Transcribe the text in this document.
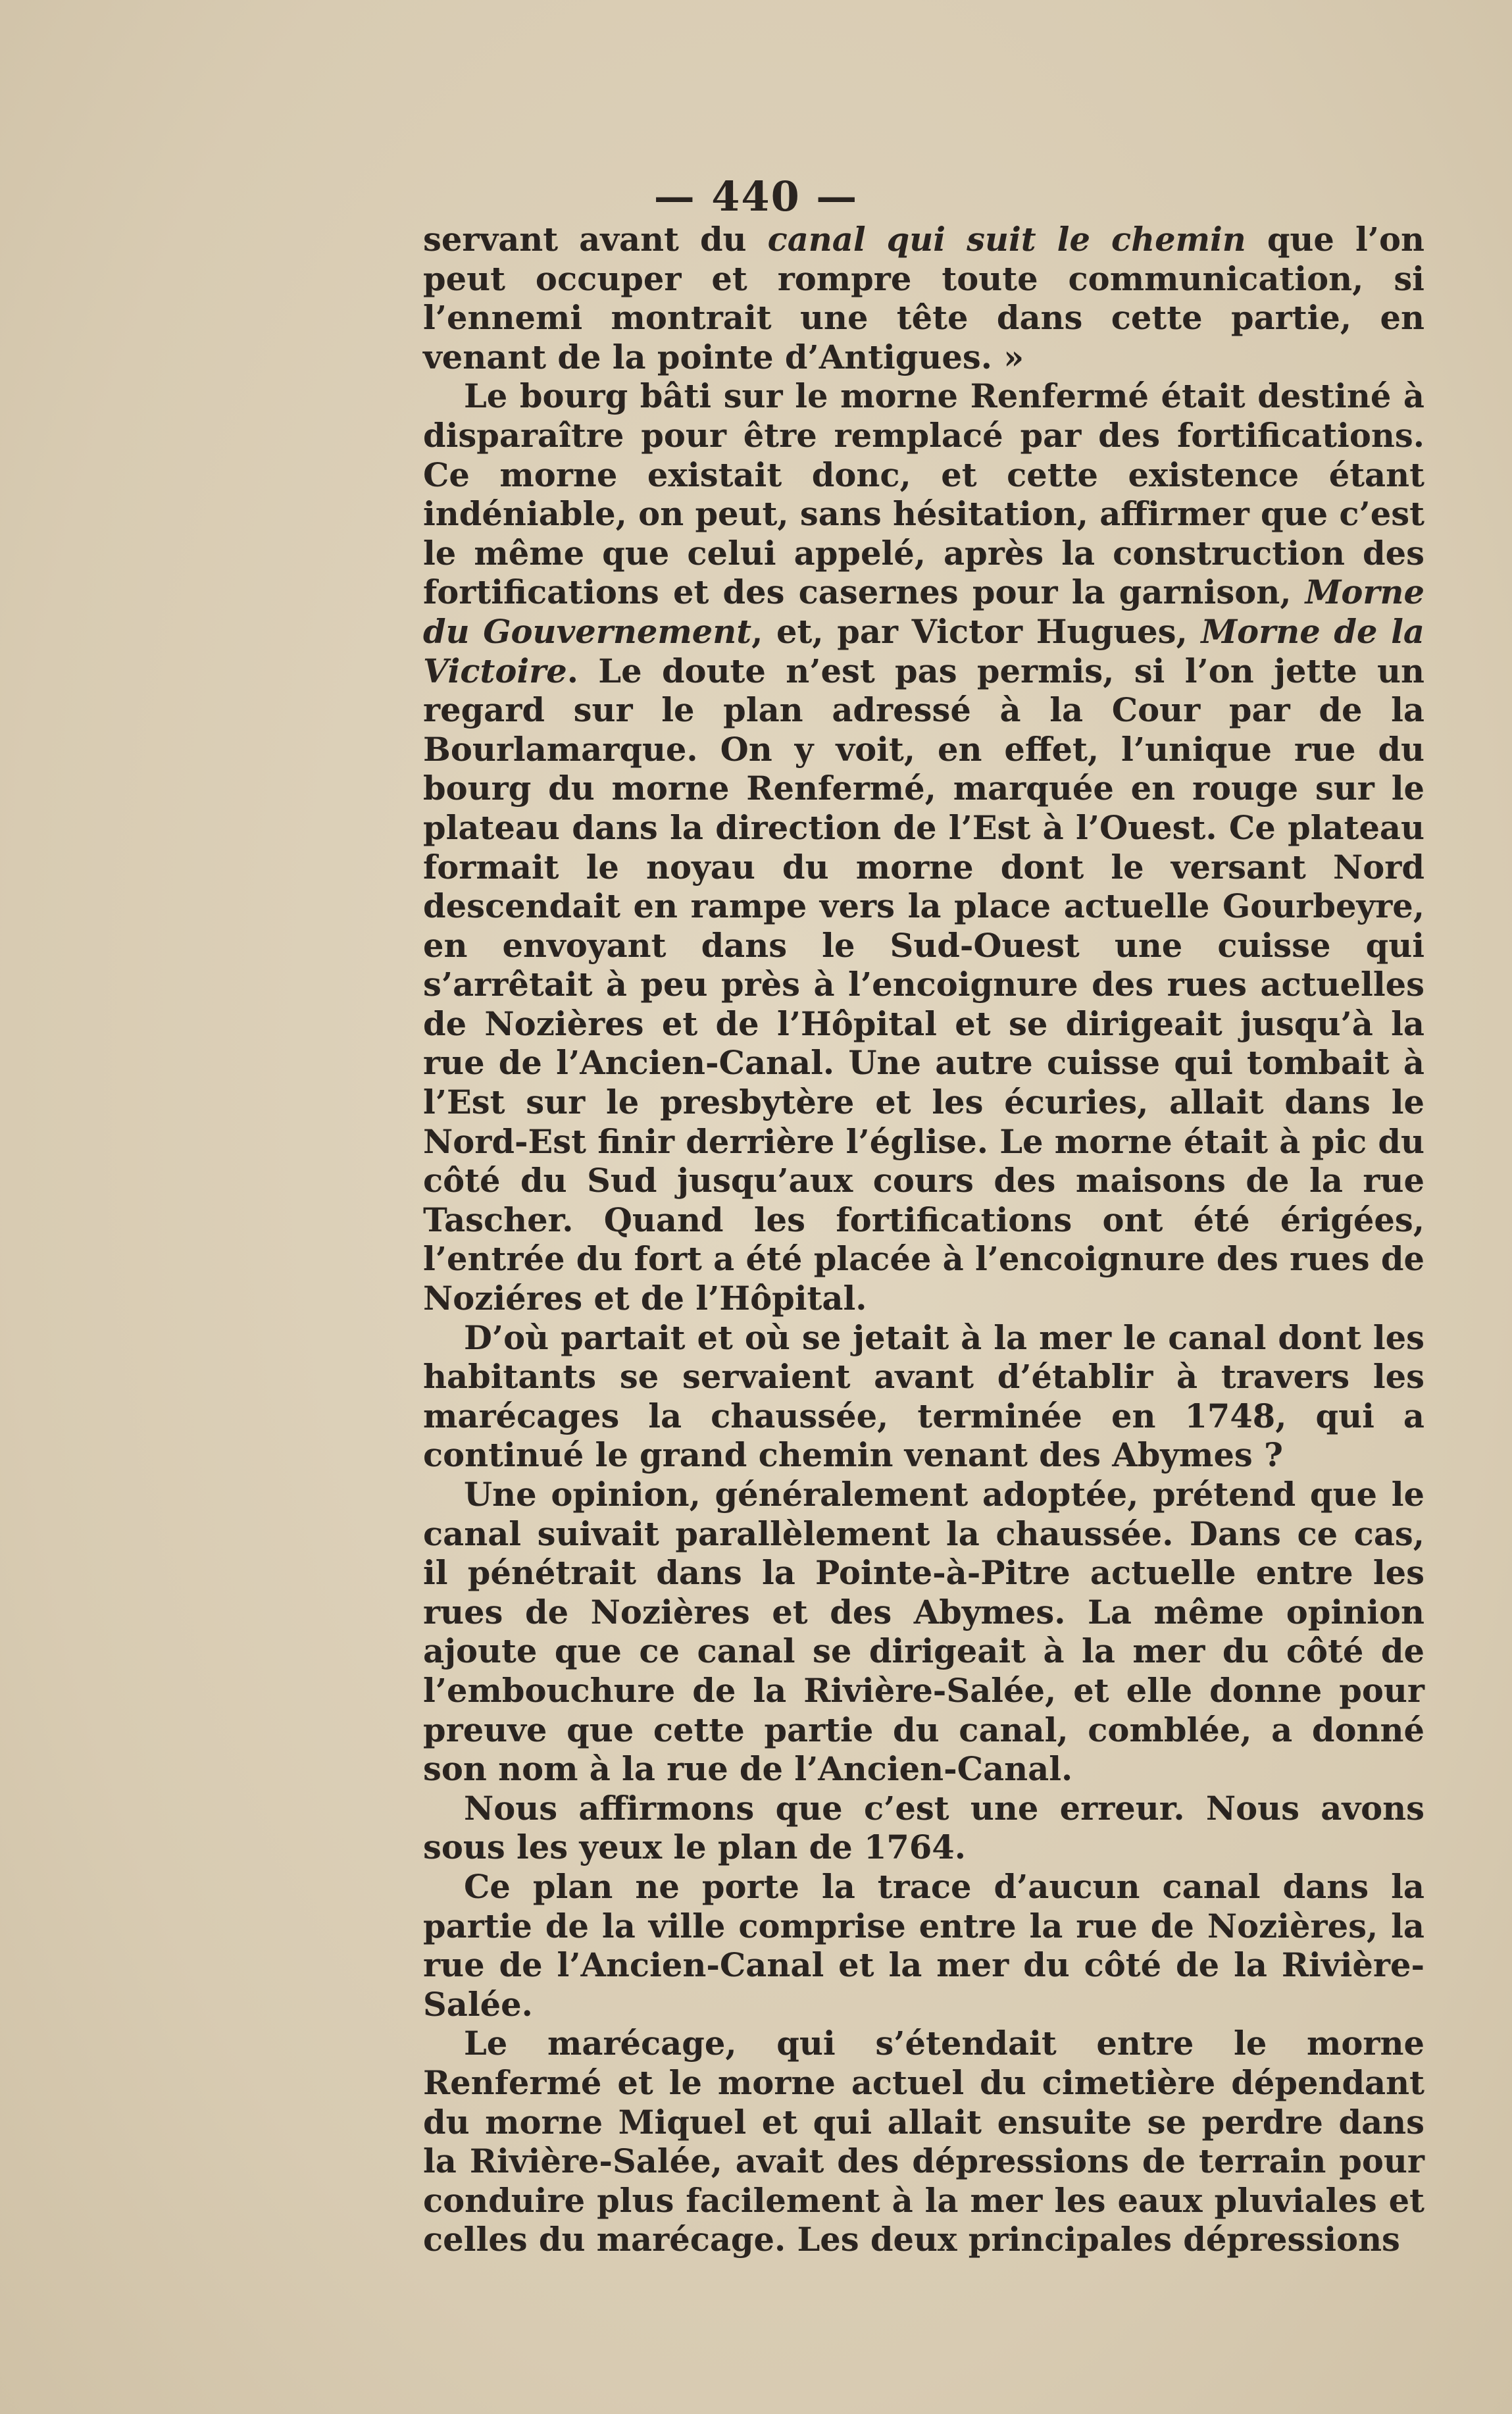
— 440 —

servant avant du canal qui suit le chemin que l’on peut occuper et rompre toute communication, si l’ennemi montrait une tête dans cette partie, en venant de la pointe d’Antigues. »

Le bourg bâti sur le morne Renfermé était destiné à disparaître pour être remplacé par des fortifications. Ce morne existait donc, et cette existence étant indéniable, on peut, sans hésitation, affirmer que c’est le même que celui appelé, après la construction des fortifications et des casernes pour la garnison, Morne du Gouvernement, et, par Victor Hugues, Morne de la Victoire. Le doute n’est pas permis, si l’on jette un regard sur le plan adressé à la Cour par de la Bourlamarque. On y voit, en effet, l’unique rue du bourg du morne Renfermé, marquée en rouge sur le plateau dans la direction de l’Est à l’Ouest. Ce plateau formait le noyau du morne dont le versant Nord descendait en rampe vers la place actuelle Gourbeyre, en envoyant dans le Sud-Ouest une cuisse qui s’arrêtait à peu près à l’encoignure des rues actuelles de Nozières et de l’Hôpital et se dirigeait jusqu’à la rue de l’Ancien-Canal. Une autre cuisse qui tombait à l’Est sur le presbytère et les écuries, allait dans le Nord-Est finir derrière l’église. Le morne était à pic du côté du Sud jusqu’aux cours des maisons de la rue Tascher. Quand les fortifications ont été érigées, l’entrée du fort a été placée à l’encoignure des rues de Noziéres et de l’Hôpital.

D’où partait et où se jetait à la mer le canal dont les habitants se servaient avant d’établir à travers les marécages la chaussée, terminée en 1748, qui a continué le grand chemin venant des Abymes ?

Une opinion, généralement adoptée, prétend que le canal suivait parallèlement la chaussée. Dans ce cas, il pénétrait dans la Pointe-à-Pitre actuelle entre les rues de Nozières et des Abymes. La même opinion ajoute que ce canal se dirigeait à la mer du côté de l’embouchure de la Rivière-Salée, et elle donne pour preuve que cette partie du canal, comblée, a donné son nom à la rue de l’Ancien-Canal.

Nous affirmons que c’est une erreur. Nous avons sous les yeux le plan de 1764.

Ce plan ne porte la trace d’aucun canal dans la partie de la ville comprise entre la rue de Nozières, la rue de l’Ancien-Canal et la mer du côté de la Rivière-Salée.

Le marécage, qui s’étendait entre le morne Renfermé et le morne actuel du cimetière dépendant du morne Miquel et qui allait ensuite se perdre dans la Rivière-Salée, avait des dépressions de terrain pour conduire plus facilement à la mer les eaux pluviales et celles du marécage. Les deux principales dépressions
